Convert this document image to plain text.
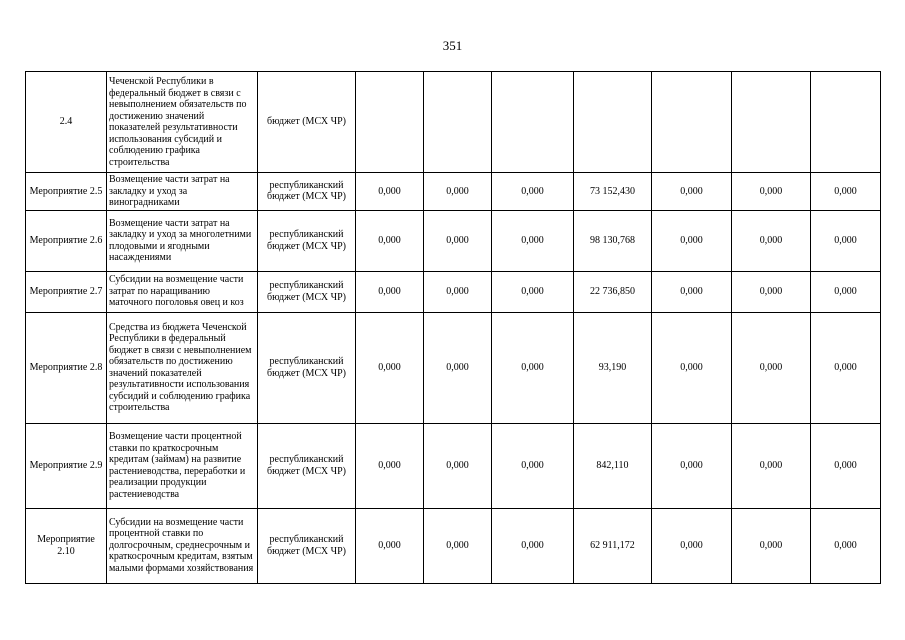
351
2.4	Чеченской Республики в федеральный бюджет в связи с невыполнением обязательств по достижению значений показателей результативности использования субсидий и соблюдению графика строительства	бюджет (МСХ ЧР)							
Мероприятие 2.5	Возмещение части затрат на закладку и уход за виноградниками	республиканский бюджет (МСХ ЧР)	0,000	0,000	0,000	73 152,430	0,000	0,000	0,000
Мероприятие 2.6	Возмещение части затрат на закладку и уход за многолетними плодовыми и ягодными насаждениями	республиканский бюджет (МСХ ЧР)	0,000	0,000	0,000	98 130,768	0,000	0,000	0,000
Мероприятие 2.7	Субсидии на возмещение части затрат по наращиванию маточного поголовья овец и коз	республиканский бюджет (МСХ ЧР)	0,000	0,000	0,000	22 736,850	0,000	0,000	0,000
Мероприятие 2.8	Средства из бюджета Чеченской Республики в федеральный бюджет в связи с невыполнением обязательств по достижению значений показателей результативности использования субсидий и соблюдению графика строительства	республиканский бюджет (МСХ ЧР)	0,000	0,000	0,000	93,190	0,000	0,000	0,000
Мероприятие 2.9	Возмещение части процентной ставки по краткосрочным кредитам (займам) на развитие растениеводства, переработки и реализации продукции растениеводства	республиканский бюджет (МСХ ЧР)	0,000	0,000	0,000	842,110	0,000	0,000	0,000
Мероприятие 2.10	Субсидии на возмещение части процентной ставки по долгосрочным, среднесрочным и краткосрочным кредитам, взятым малыми формами хозяйствования	республиканский бюджет (МСХ ЧР)	0,000	0,000	0,000	62 911,172	0,000	0,000	0,000
